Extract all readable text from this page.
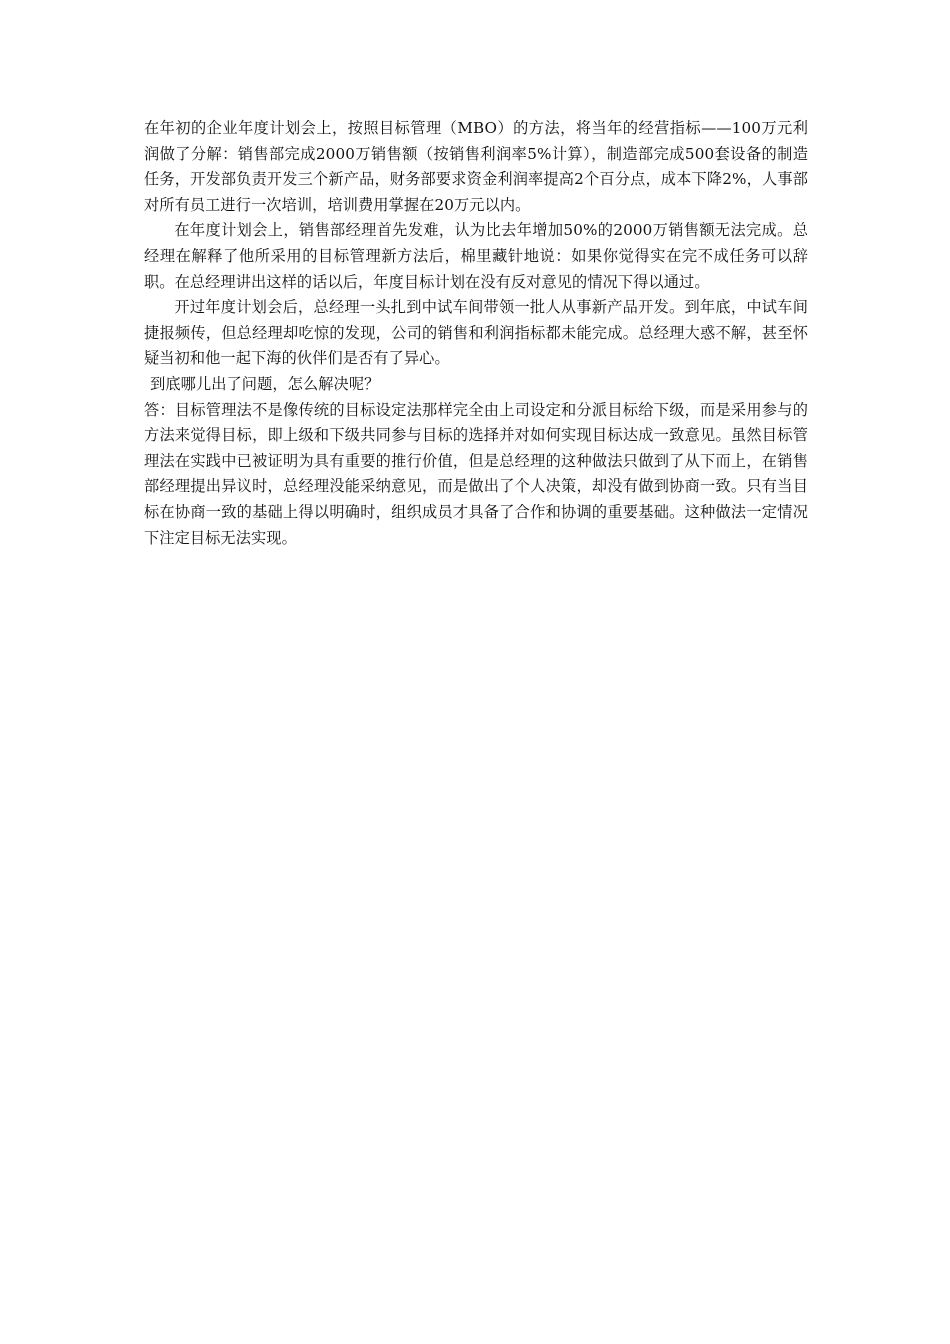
在年初的企业年度计划会上，按照目标管理（MBO）的方法，将当年的经营指标——100万元利润做了分解：销售部完成2000万销售额（按销售利润率5%计算），制造部完成500套设备的制造任务，开发部负责开发三个新产品，财务部要求资金利润率提高2个百分点，成本下降2%，人事部对所有员工进行一次培训，培训费用掌握在20万元以内。

在年度计划会上，销售部经理首先发难，认为比去年增加50%的2000万销售额无法完成。总经理在解释了他所采用的目标管理新方法后，棉里藏针地说：如果你觉得实在完不成任务可以辞职。在总经理讲出这样的话以后，年度目标计划在没有反对意见的情况下得以通过。

开过年度计划会后，总经理一头扎到中试车间带领一批人从事新产品开发。到年底，中试车间捷报频传，但总经理却吃惊的发现，公司的销售和利润指标都未能完成。总经理大惑不解，甚至怀疑当初和他一起下海的伙伴们是否有了异心。

到底哪儿出了问题，怎么解决呢？

答：目标管理法不是像传统的目标设定法那样完全由上司设定和分派目标给下级，而是采用参与的方法来觉得目标，即上级和下级共同参与目标的选择并对如何实现目标达成一致意见。虽然目标管理法在实践中已被证明为具有重要的推行价值，但是总经理的这种做法只做到了从下而上，在销售部经理提出异议时，总经理没能采纳意见，而是做出了个人决策，却没有做到协商一致。只有当目标在协商一致的基础上得以明确时，组织成员才具备了合作和协调的重要基础。这种做法一定情况下注定目标无法实现。
